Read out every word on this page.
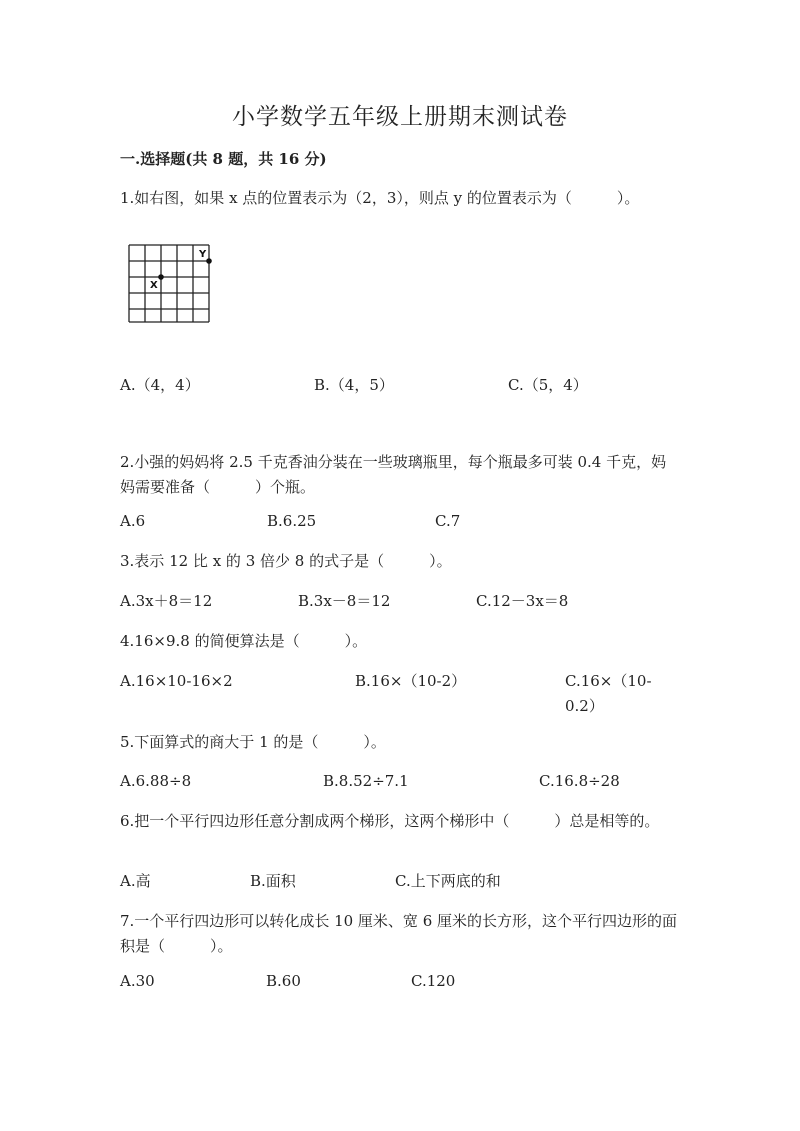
小学数学五年级上册期末测试卷
一.选择题(共 8 题，共 16 分)
1.如右图，如果 x 点的位置表示为（2，3），则点 y 的位置表示为（　　　）。
X
Y
A.（4，4）	B.（4，5）	C.（5，4）
2.小强的妈妈将 2.5 千克香油分装在一些玻璃瓶里，每个瓶最多可装 0.4 千克，妈妈需要准备（　　　）个瓶。
A.6	B.6.25	C.7
3.表示 12 比 x 的 3 倍少 8 的式子是（　　　）。
A.3x＋8＝12	B.3x－8＝12	C.12－3x＝8
4.16×9.8 的简便算法是（　　　）。
A.16×10-16×2	B.16×（10-2）	C.16×（10-0.2）
5.下面算式的商大于 1 的是（　　　）。
A.6.88÷8	B.8.52÷7.1	C.16.8÷28
6.把一个平行四边形任意分割成两个梯形，这两个梯形中（　　　）总是相等的。
A.高	B.面积	C.上下两底的和
7.一个平行四边形可以转化成长 10 厘米、宽 6 厘米的长方形，这个平行四边形的面积是（　　　）。
A.30	B.60	C.120
